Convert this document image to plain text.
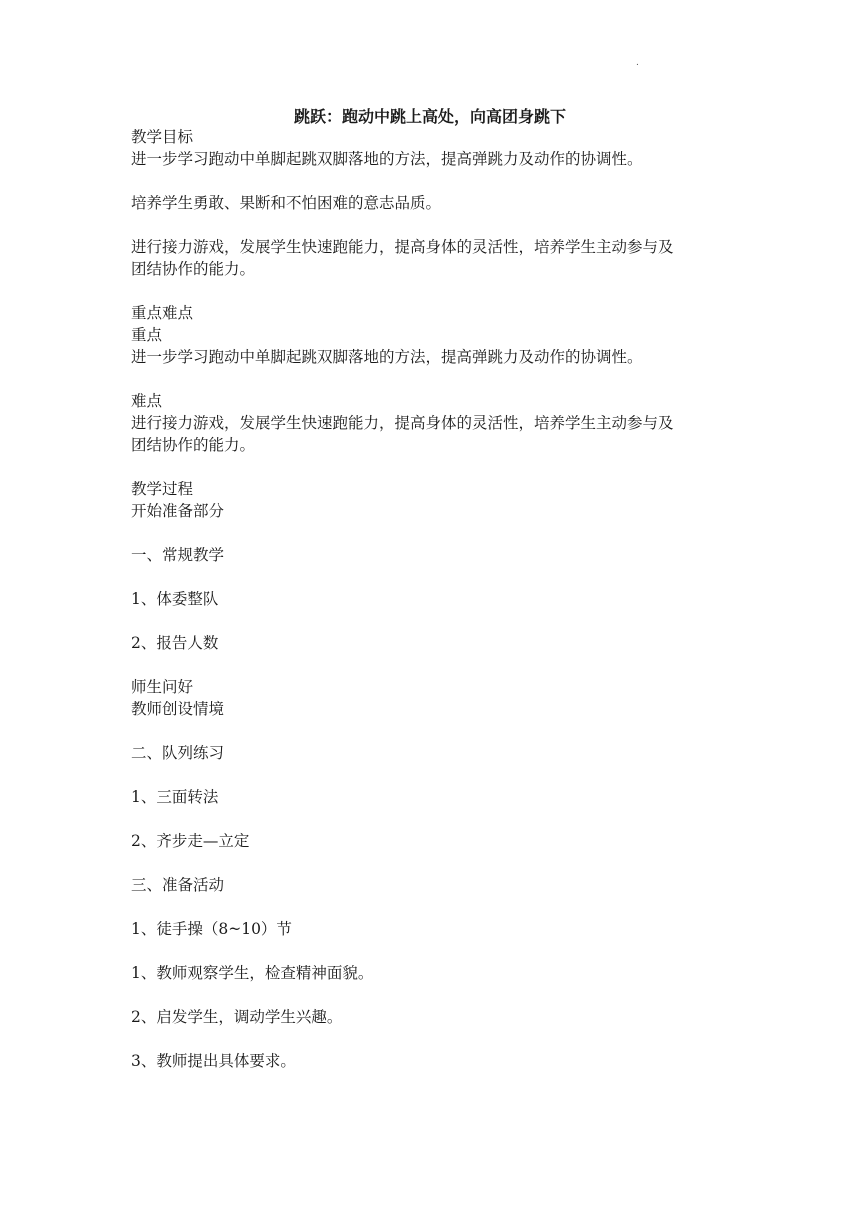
.
跳跃：跑动中跳上高处，向高团身跳下
教学目标
进一步学习跑动中单脚起跳双脚落地的方法，提高弹跳力及动作的协调性。
培养学生勇敢、果断和不怕困难的意志品质。
进行接力游戏，发展学生快速跑能力，提高身体的灵活性，培养学生主动参与及
团结协作的能力。
重点难点
重点
进一步学习跑动中单脚起跳双脚落地的方法，提高弹跳力及动作的协调性。
难点
进行接力游戏，发展学生快速跑能力，提高身体的灵活性，培养学生主动参与及
团结协作的能力。
教学过程
开始准备部分
一、常规教学
1、体委整队
2、报告人数
师生问好
教师创设情境
二、队列练习
1、三面转法
2、齐步走—立定
三、准备活动
1、徒手操（8~10）节
1、教师观察学生，检查精神面貌。
2、启发学生，调动学生兴趣。
3、教师提出具体要求。
